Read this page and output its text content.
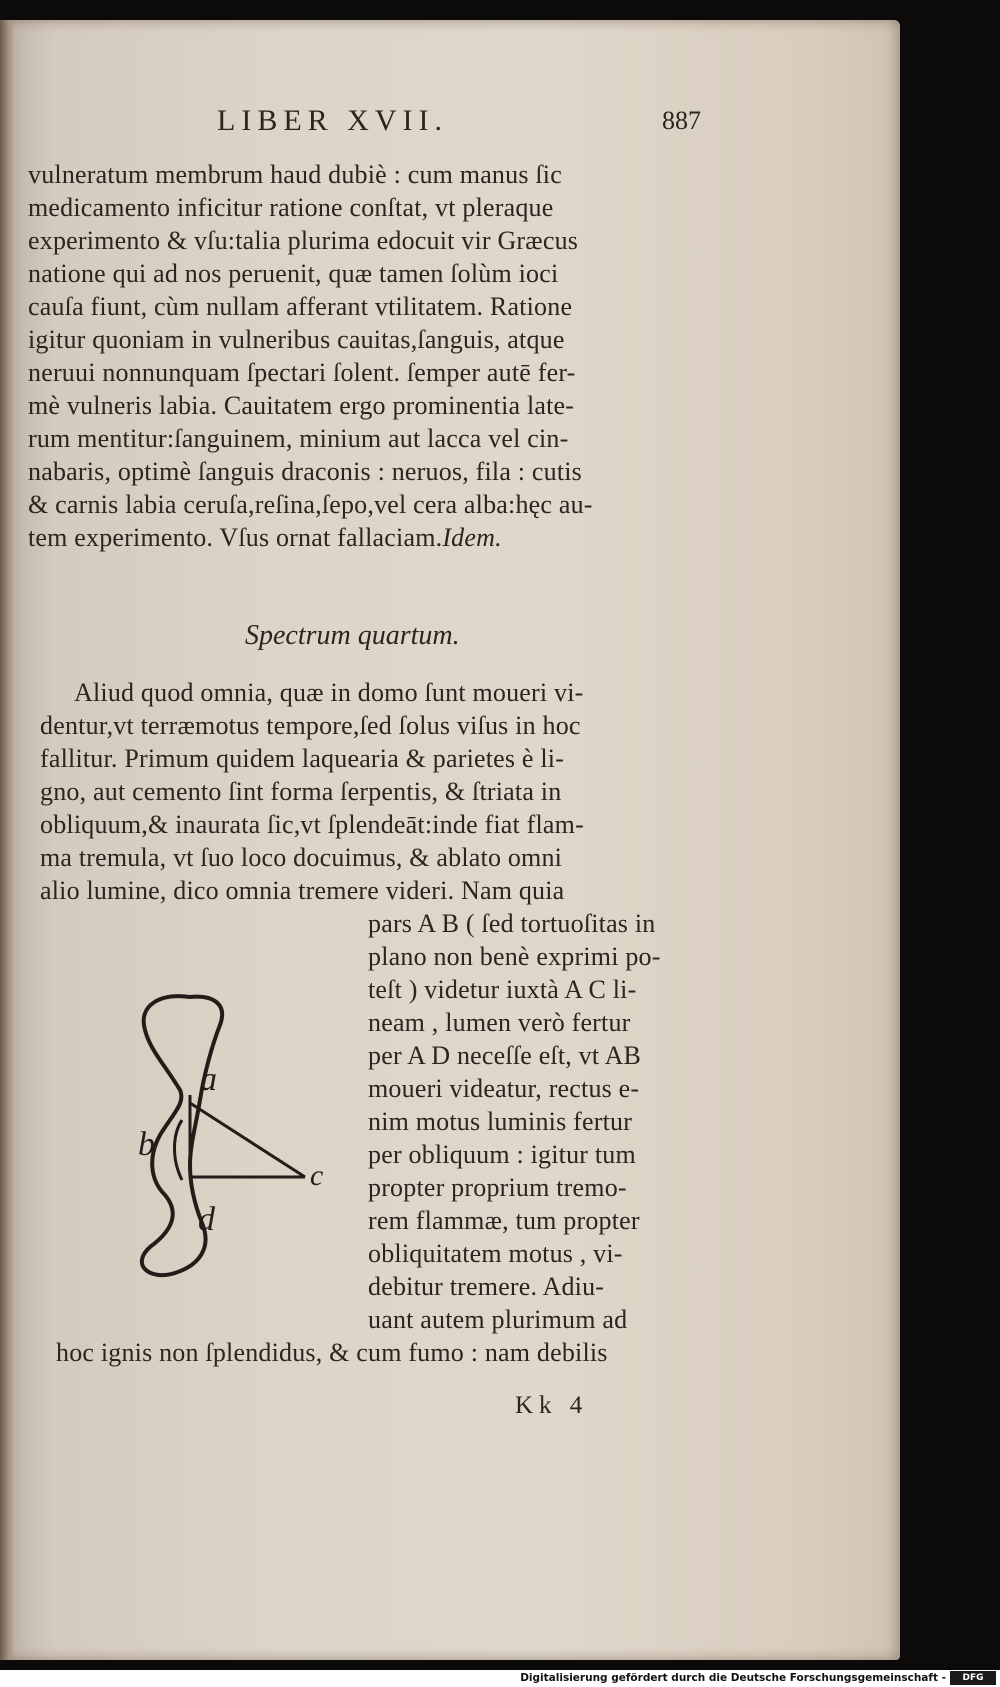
LIBER XVII.	887
vulneratum membrum haud dubiè : cum manus ſic
medicamento inficitur ratione conſtat, vt pleraque
experimento & vſu:talia plurima edocuit vir Græcus
natione qui ad nos peruenit, quæ tamen ſolùm ioci
cauſa fiunt, cùm nullam afferant vtilitatem. Ratione
igitur quoniam in vulneribus cauitas,ſanguis, atque
neruui nonnunquam ſpectari ſolent. ſemper autē fer-
mè vulneris labia. Cauitatem ergo prominentia late-
rum mentitur:ſanguinem, minium aut lacca vel cin-
nabaris, optimè ſanguis draconis : neruos, fila : cutis
& carnis labia ceruſa,reſina,ſepo,vel cera alba:hęc au-
tem experimento. Vſus ornat fallaciam.Idem.
Spectrum quartum.
Aliud quod omnia, quæ in domo ſunt moueri vi-
dentur,vt terræmotus tempore,ſed ſolus viſus in hoc
fallitur. Primum quidem laquearia & parietes è li-
gno, aut cemento ſint forma ſerpentis, & ſtriata in
obliquum,& inaurata ſic,vt ſplendeāt:inde fiat flam-
ma tremula, vt ſuo loco docuimus, & ablato omni
alio lumine, dico omnia tremere videri. Nam quia
pars A B ( ſed tortuoſitas in
plano non benè exprimi po-
teſt ) videtur iuxtà A C li-
neam , lumen verò fertur
per A D neceſſe eſt, vt AB
moueri videatur, rectus e-
nim motus luminis fertur
per obliquum : igitur tum
propter proprium tremo-
rem flammæ, tum propter
obliquitatem motus , vi-
debitur tremere. Adiu-
uant autem plurimum ad
hoc ignis non ſplendidus, & cum fumo : nam debilis
a
b
c
d
Kk 4
Digitalisierung gefördert durch die Deutsche Forschungsgemeinschaft -	DFG
